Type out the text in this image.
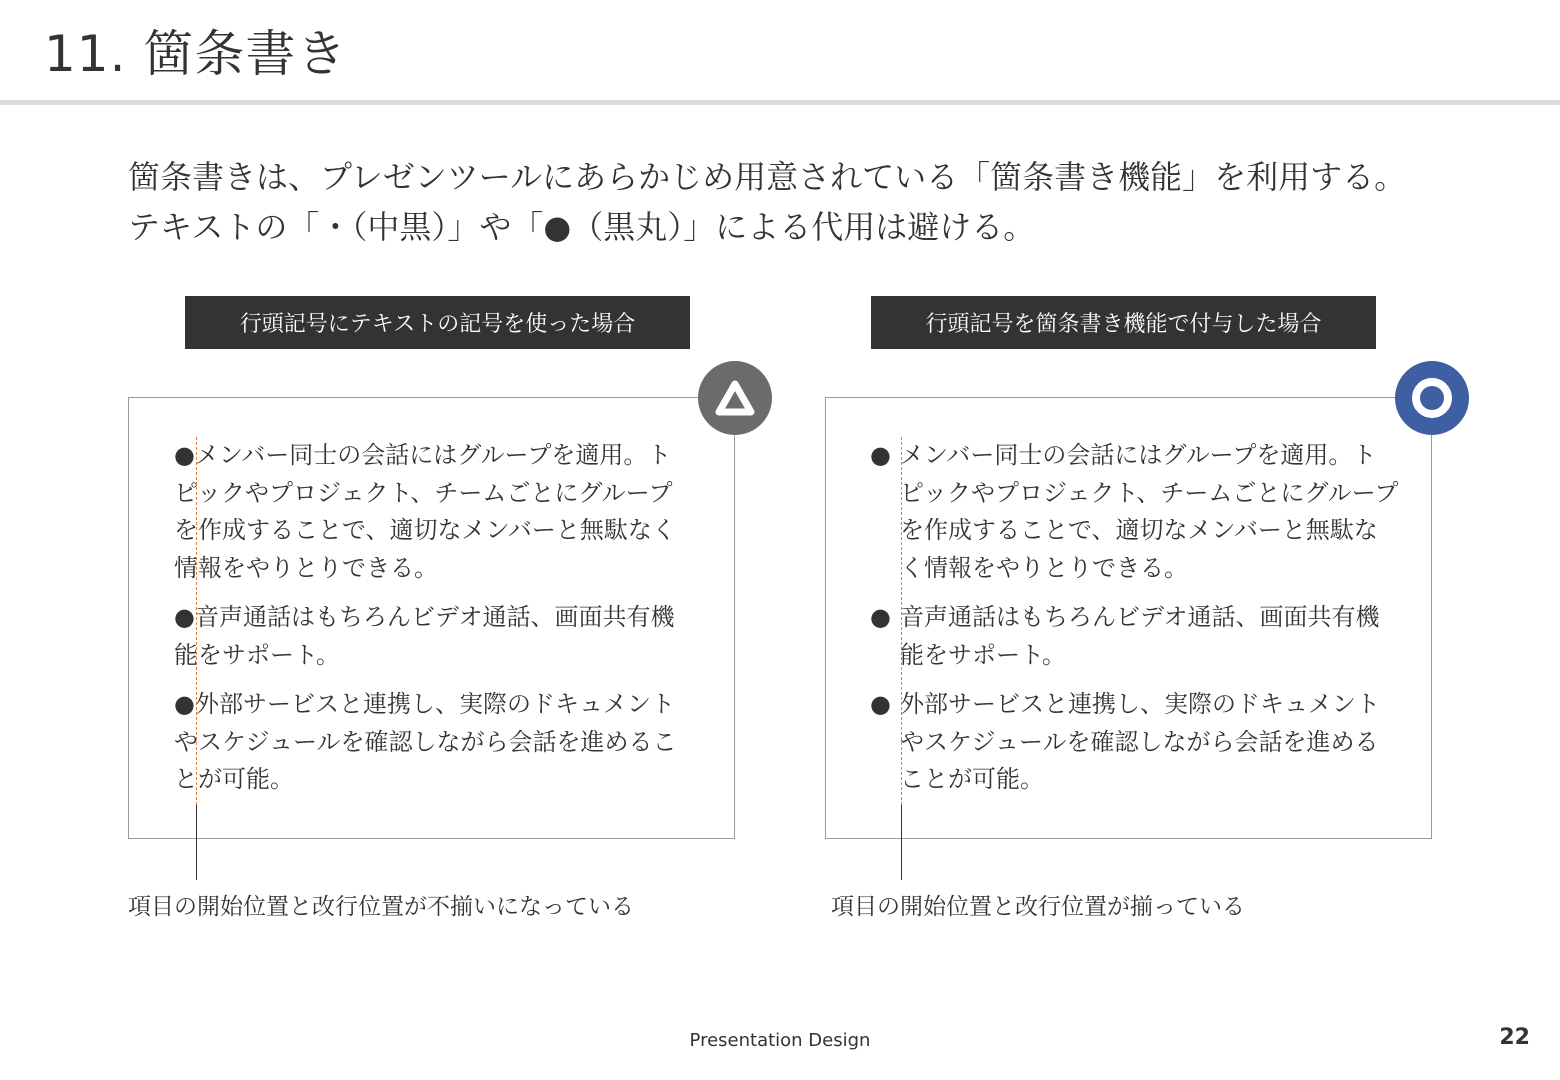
11. 箇条書き

箇条書きは、プレゼンツールにあらかじめ用意されている「箇条書き機能」を利用する。

テキストの「・（中黒）」や「●（黒丸）」による代用は避ける。

行頭記号にテキストの記号を使った場合
●メンバー同士の会話にはグループを適用。トピックやプロジェクト、チームごとにグループを作成することで、適切なメンバーと無駄なく情報をやりとりできる。
●音声通話はもちろんビデオ通話、画面共有機能をサポート。
●外部サービスと連携し、実際のドキュメントやスケジュールを確認しながら会話を進めることが可能。
項目の開始位置と改行位置が不揃いになっている
行頭記号を箇条書き機能で付与した場合
● メンバー同士の会話にはグループを適用。トピックやプロジェクト、チームごとにグループを作成することで、適切なメンバーと無駄なく情報をやりとりできる。
● 音声通話はもちろんビデオ通話、画面共有機能をサポート。
● 外部サービスと連携し、実際のドキュメントやスケジュールを確認しながら会話を進めることが可能。
項目の開始位置と改行位置が揃っている
Presentation Design	22
